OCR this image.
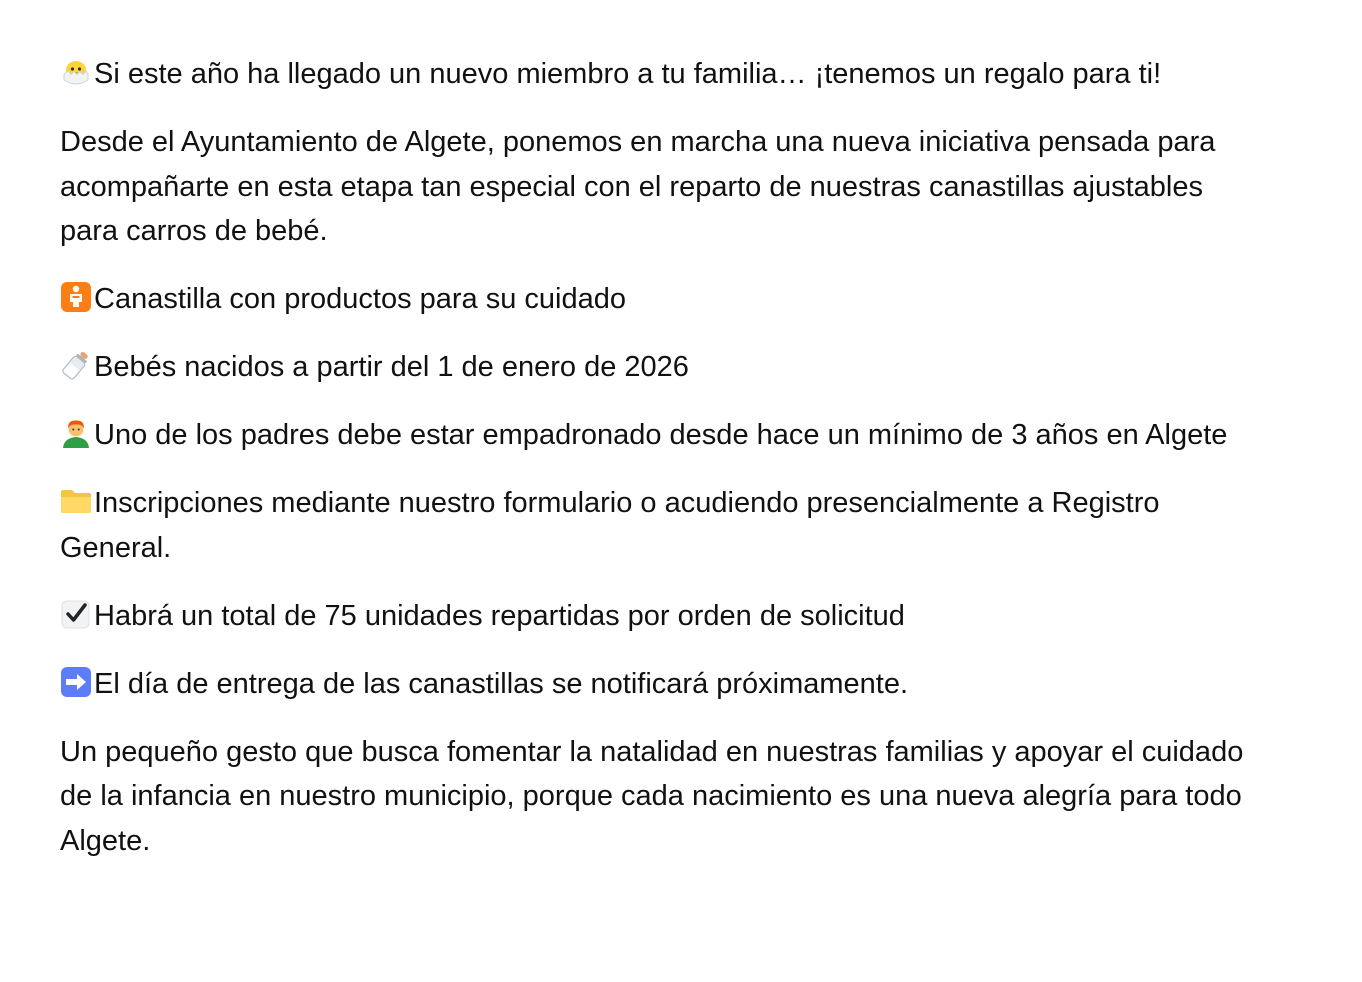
Si este año ha llegado un nuevo miembro a tu familia… ¡tenemos un regalo para ti!

Desde el Ayuntamiento de Algete, ponemos en marcha una nueva iniciativa pensada para acompañarte en esta etapa tan especial con el reparto de nuestras canastillas ajustables para carros de bebé.

Canastilla con productos para su cuidado

Bebés nacidos a partir del 1 de enero de 2026

Uno de los padres debe estar empadronado desde hace un mínimo de 3 años en Algete

Inscripciones mediante nuestro formulario o acudiendo presencialmente a Registro General.

Habrá un total de 75 unidades repartidas por orden de solicitud

El día de entrega de las canastillas se notificará próximamente.

Un pequeño gesto que busca fomentar la natalidad en nuestras familias y apoyar el cuidado de la infancia en nuestro municipio, porque cada nacimiento es una nueva alegría para todo Algete.
